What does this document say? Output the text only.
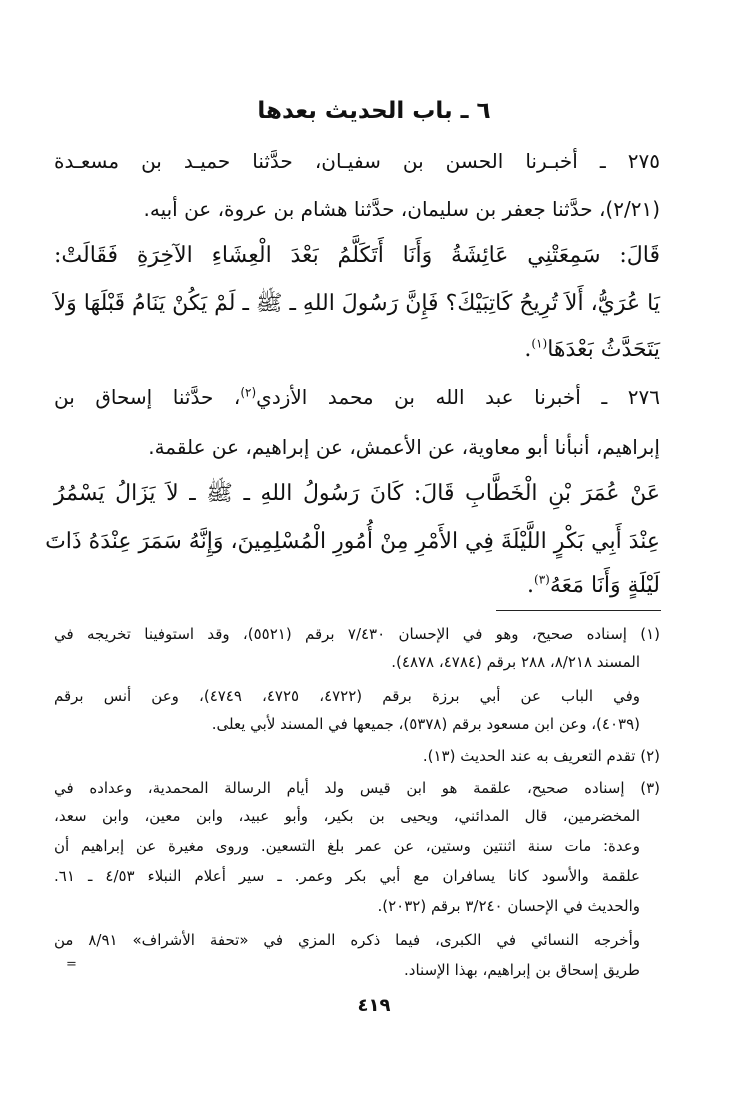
٦ ـ باب الحديث بعدها
٢٧٥ ـ أخبـرنا الحسن بن سفيـان، حدَّثنا حميـد بن مسعـدة
(٢/٢١)، حدَّثنا جعفر بن سليمان، حدَّثنا هشام بن عروة، عن أبيه.
قَالَ: سَمِعَتْنِي عَائِشَةُ وَأَنَا أَتَكَلَّمُ بَعْدَ الْعِشَاءِ الآخِرَةِ فَقَالَتْ:
يَا عُرَيُّ، أَلاَ تُرِيحُ كَاتِبَيْكَ؟ فَإِنَّ رَسُولَ اللهِ ـ ﷺ ـ لَمْ يَكُنْ يَنَامُ قَبْلَهَا وَلاَ
يَتَحَدَّثُ بَعْدَهَا$^{(١)}$.
٢٧٦ ـ أخبرنا عبد الله بن محمد الأزدي$^{(٢)}$، حدَّثنا إسحاق بن
إبراهيم، أنبأنا أبو معاوية، عن الأعمش، عن إبراهيم، عن علقمة.
عَنْ عُمَرَ بْنِ الْخَطَّابِ قَالَ: كَانَ رَسُولُ اللهِ ـ ﷺ ـ لاَ يَزَالُ يَسْمُرُ
عِنْدَ أَبِي بَكْرٍ اللَّيْلَةَ فِي الأَمْرِ مِنْ أُمُورِ الْمُسْلِمِينَ، وَإِنَّهُ سَمَرَ عِنْدَهُ ذَاتَ
لَيْلَةٍ وَأَنَا مَعَهُ$^{(٣)}$.
(١) إسناده صحيح، وهو في الإحسان ٧/٤٣٠ برقم (٥٥٢١)، وقد استوفينا تخريجه في
المسند ٨/٢١٨، ٢٨٨ برقم (٤٧٨٤، ٤٨٧٨).
وفي الباب عن أبي برزة برقم (٤٧٢٢، ٤٧٢٥، ٤٧٤٩)، وعن أنس برقم
(٤٠٣٩)، وعن ابن مسعود برقم (٥٣٧٨)، جميعها في المسند لأبي يعلى.
(٢) تقدم التعريف به عند الحديث (١٣).
(٣) إسناده صحيح، علقمة هو ابن قيس ولد أيام الرسالة المحمدية، وعداده في
المخضرمين، قال المدائني، ويحيى بن بكير، وأبو عبيد، وابن معين، وابن سعد،
وعدة: مات سنة اثنتين وستين، عن عمر بلغ التسعين. وروى مغيرة عن إبراهيم أن
علقمة والأسود كانا يسافران مع أبي بكر وعمر. ـ سير أعلام النبلاء ٤/٥٣ ـ ٦١.
والحديث في الإحسان ٣/٢٤٠ برقم (٢٠٣٢).
وأخرجه النسائي في الكبرى، فيما ذكره المزي في «تحفة الأشراف» ٨/٩١ من
طريق إسحاق بن إبراهيم، بهذا الإسناد.
=
٤١٩
